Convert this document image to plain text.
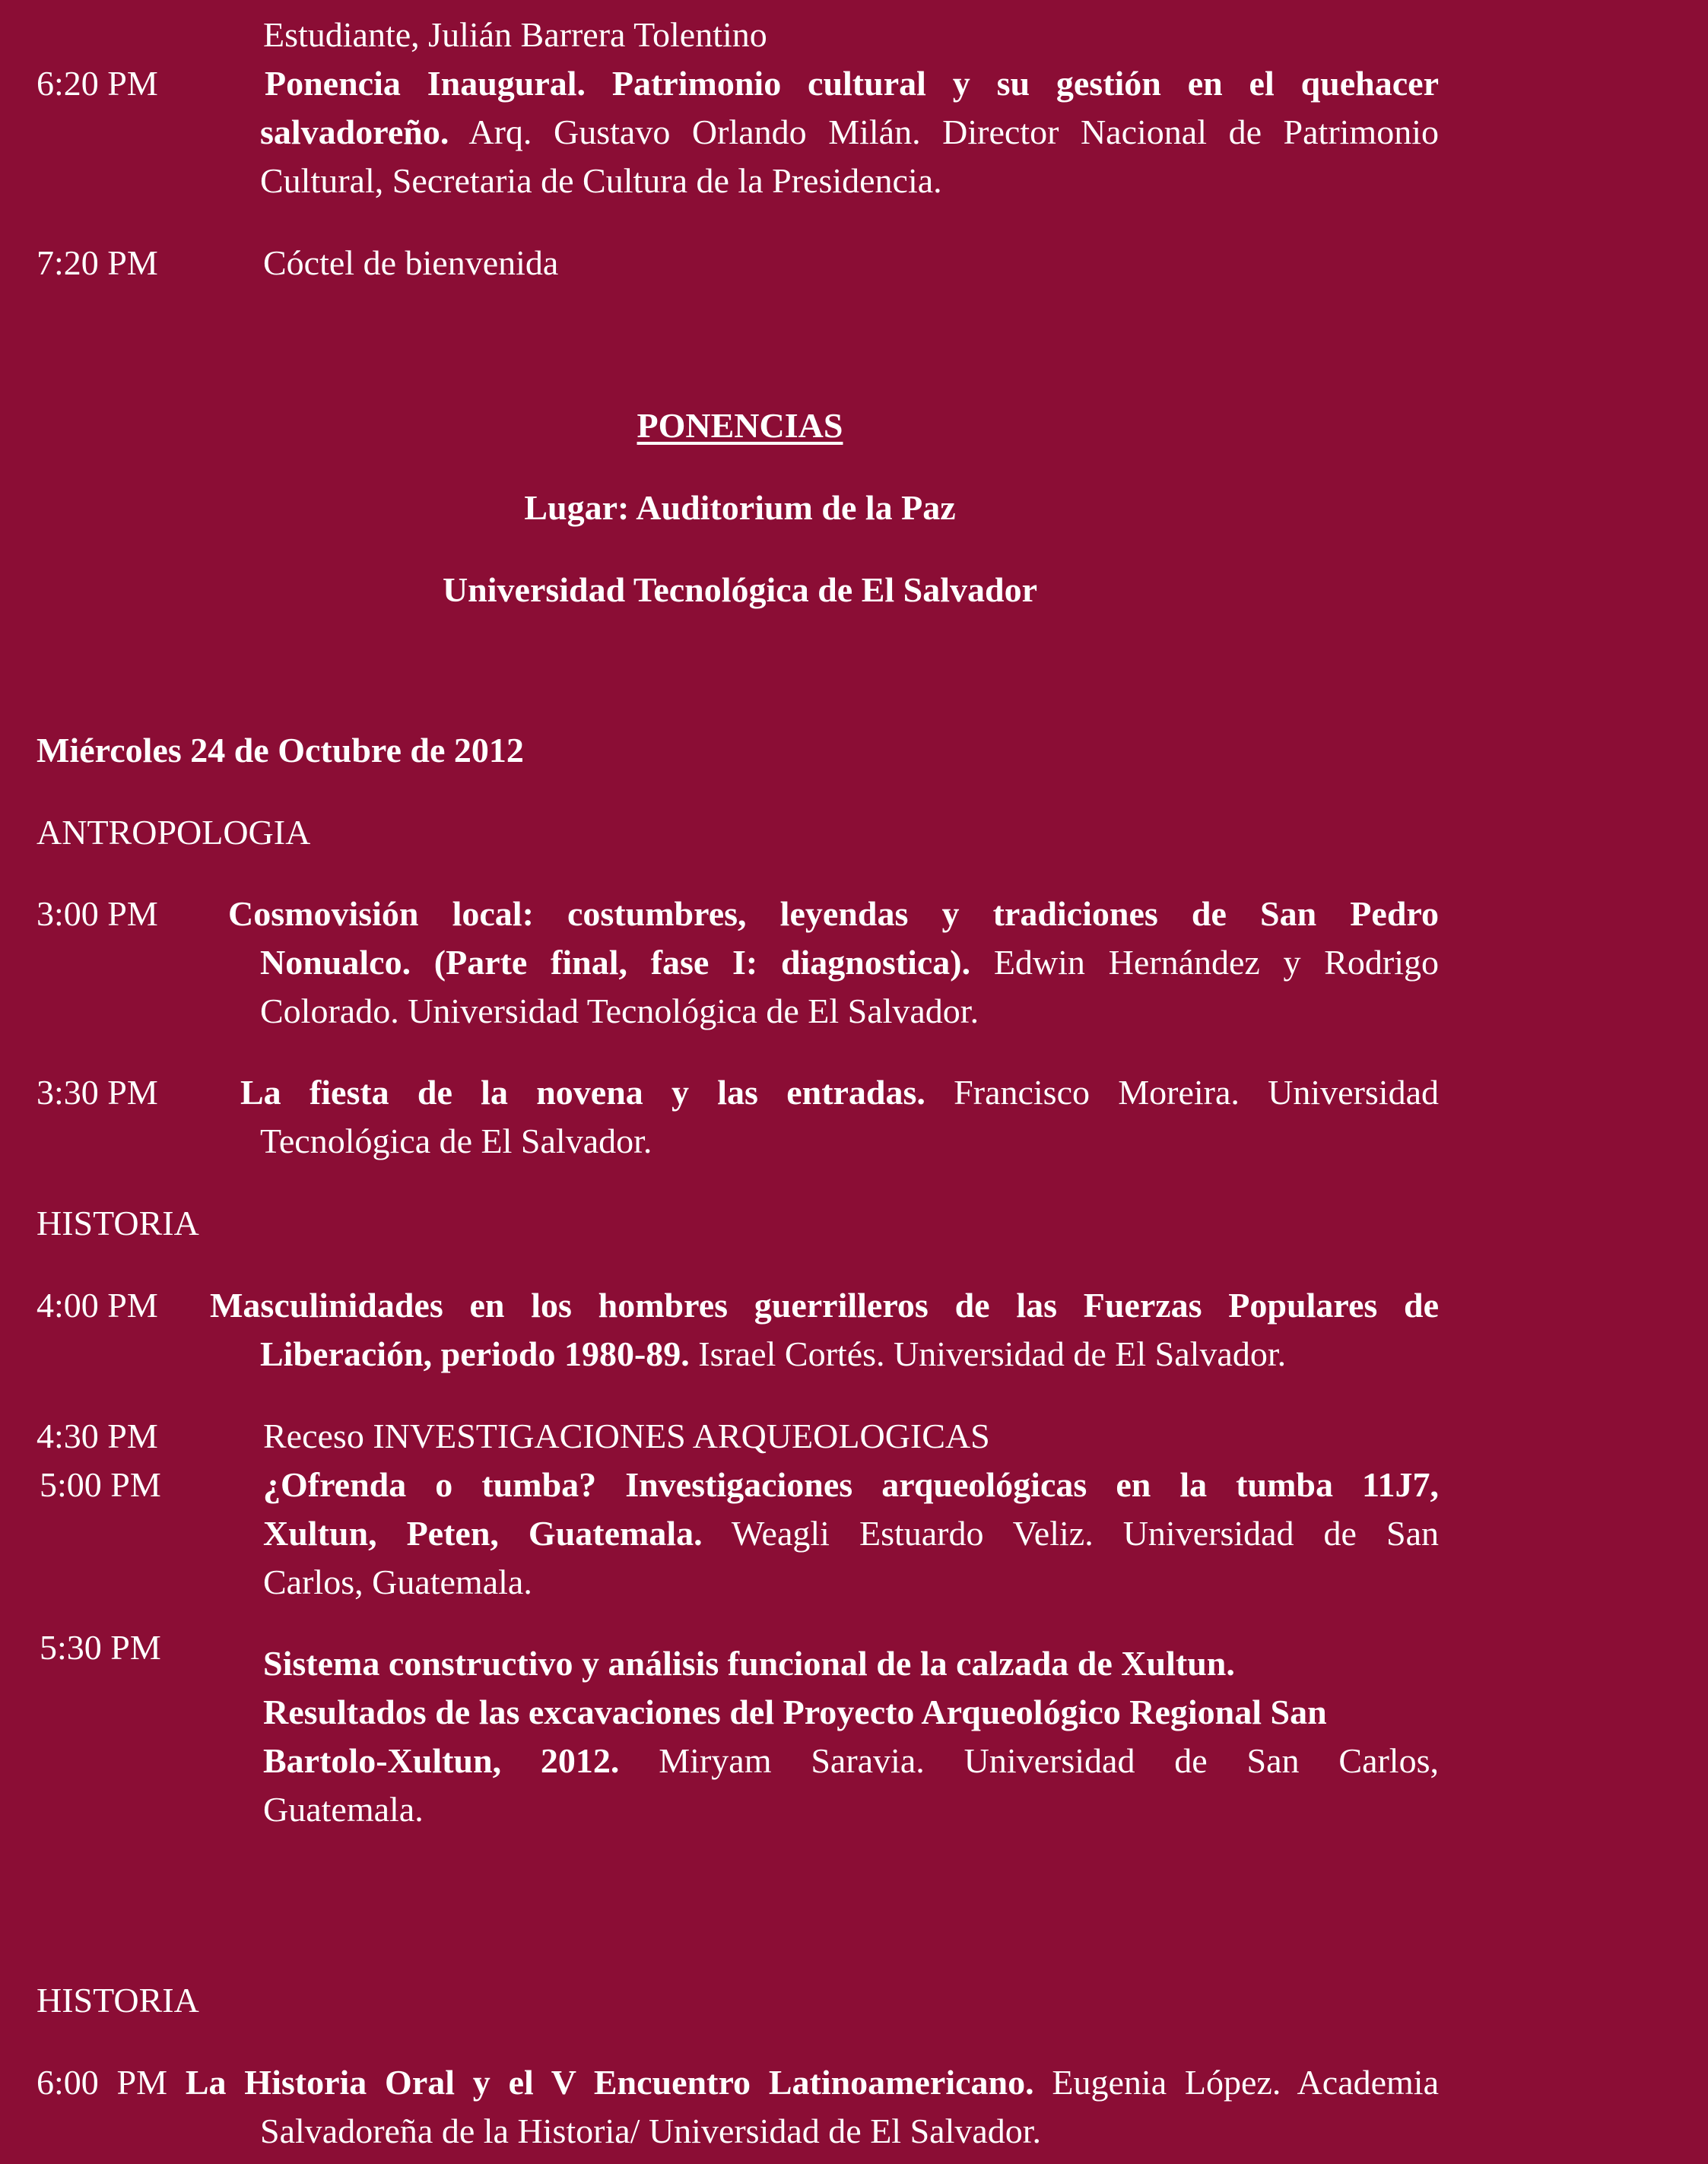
Estudiante, Julián Barrera Tolentino
6:20 PM	Ponencia Inaugural. Patrimonio cultural y su gestión en el quehacer
salvadoreño. Arq. Gustavo Orlando Milán. Director Nacional de Patrimonio
Cultural, Secretaria de Cultura de la Presidencia.
7:20 PM	Cóctel de bienvenida
PONENCIAS
Lugar: Auditorium de la Paz
Universidad Tecnológica de El Salvador
Miércoles 24 de Octubre de 2012
ANTROPOLOGIA
3:00 PM Cosmovisión local: costumbres, leyendas y tradiciones de San Pedro
Nonualco. (Parte final, fase I: diagnostica). Edwin Hernández y Rodrigo
Colorado. Universidad Tecnológica de El Salvador.
3:30 PM La fiesta de la novena y las entradas. Francisco Moreira. Universidad
Tecnológica de El Salvador.
HISTORIA
4:00 PM Masculinidades en los hombres guerrilleros de las Fuerzas Populares de
Liberación, periodo 1980-89. Israel Cortés. Universidad de El Salvador.
4:30 PM	Receso INVESTIGACIONES ARQUEOLOGICAS
5:00 PM	¿Ofrenda o tumba? Investigaciones arqueológicas en la tumba 11J7,
Xultun, Peten, Guatemala. Weagli Estuardo Veliz. Universidad de San
Carlos, Guatemala.
5:30 PM	Sistema constructivo y análisis funcional de la calzada de Xultun.
Resultados de las excavaciones del Proyecto Arqueológico Regional San
Bartolo-Xultun, 2012. Miryam Saravia. Universidad de San Carlos,
Guatemala.
HISTORIA
6:00 PM La Historia Oral y el V Encuentro Latinoamericano. Eugenia López. Academia
Salvadoreña de la Historia/ Universidad de El Salvador.
